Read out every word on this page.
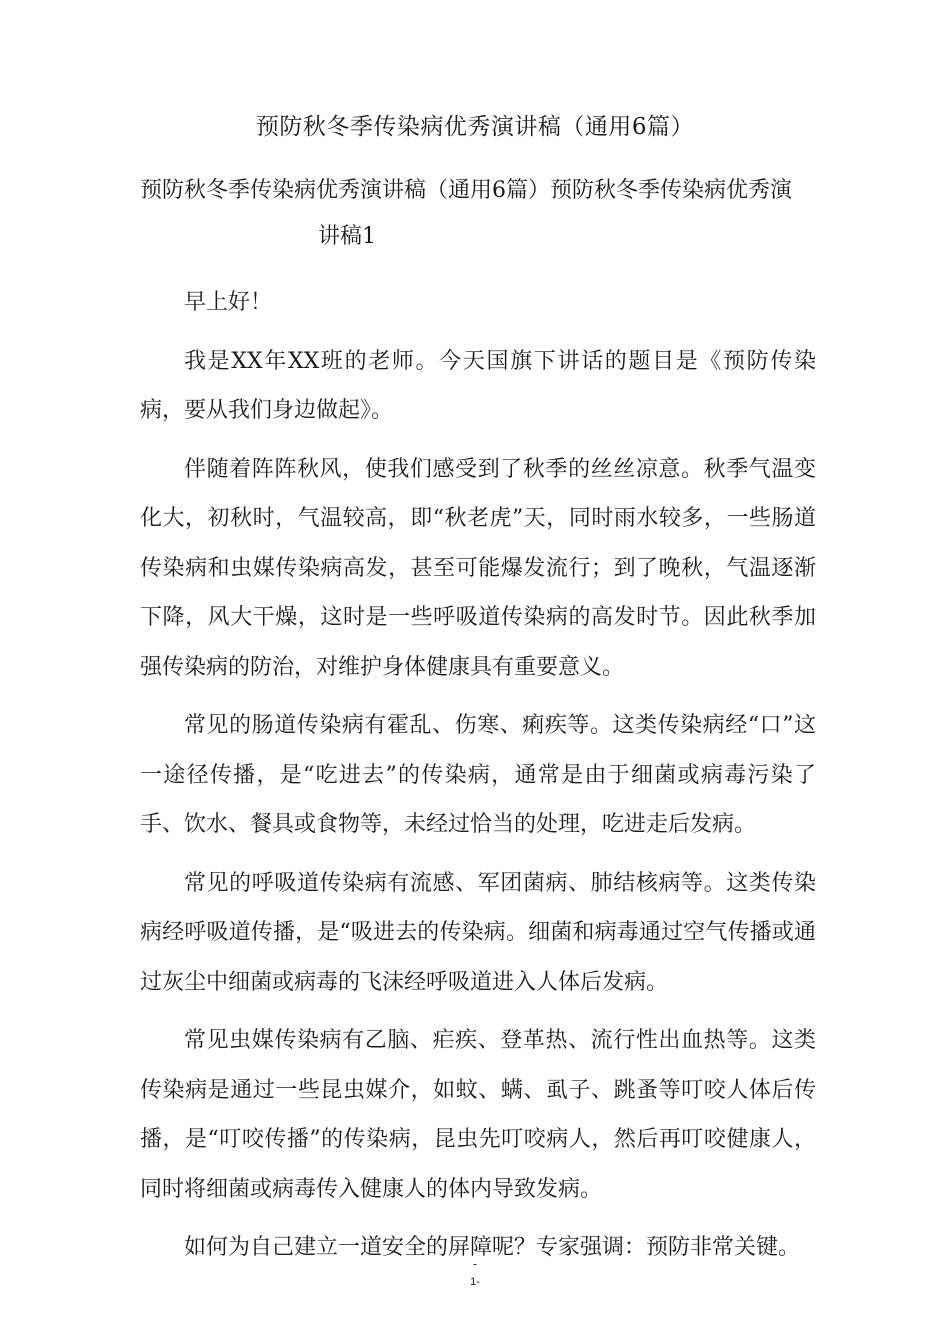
预防秋冬季传染病优秀演讲稿（通用6篇）
预防秋冬季传染病优秀演讲稿（通用6篇）预防秋冬季传染病优秀演
讲稿1

早上好！

我是XX年XX班的老师。今天国旗下讲话的题目是《预防传染病，要从我们身边做起》。

伴随着阵阵秋风，使我们感受到了秋季的丝丝凉意。秋季气温变化大，初秋时，气温较高，即“秋老虎”天，同时雨水较多，一些肠道传染病和虫媒传染病高发，甚至可能爆发流行；到了晚秋，气温逐渐下降，风大干燥，这时是一些呼吸道传染病的高发时节。因此秋季加强传染病的防治，对维护身体健康具有重要意义。

常见的肠道传染病有霍乱、伤寒、痢疾等。这类传染病经“口”这一途径传播，是“吃进去”的传染病，通常是由于细菌或病毒污染了手、饮水、餐具或食物等，未经过恰当的处理，吃进走后发病。

常见的呼吸道传染病有流感、军团菌病、肺结核病等。这类传染病经呼吸道传播，是“吸进去的传染病。细菌和病毒通过空气传播或通过灰尘中细菌或病毒的飞沫经呼吸道进入人体后发病。

常见虫媒传染病有乙脑、疟疾、登革热、流行性出血热等。这类传染病是通过一些昆虫媒介，如蚊、螨、虱子、跳蚤等叮咬人体后传播，是“叮咬传播”的传染病，昆虫先叮咬病人，然后再叮咬健康人，同时将细菌或病毒传入健康人的体内导致发病。

如何为自己建立一道安全的屏障呢？专家强调：预防非常关键。

-
1-
